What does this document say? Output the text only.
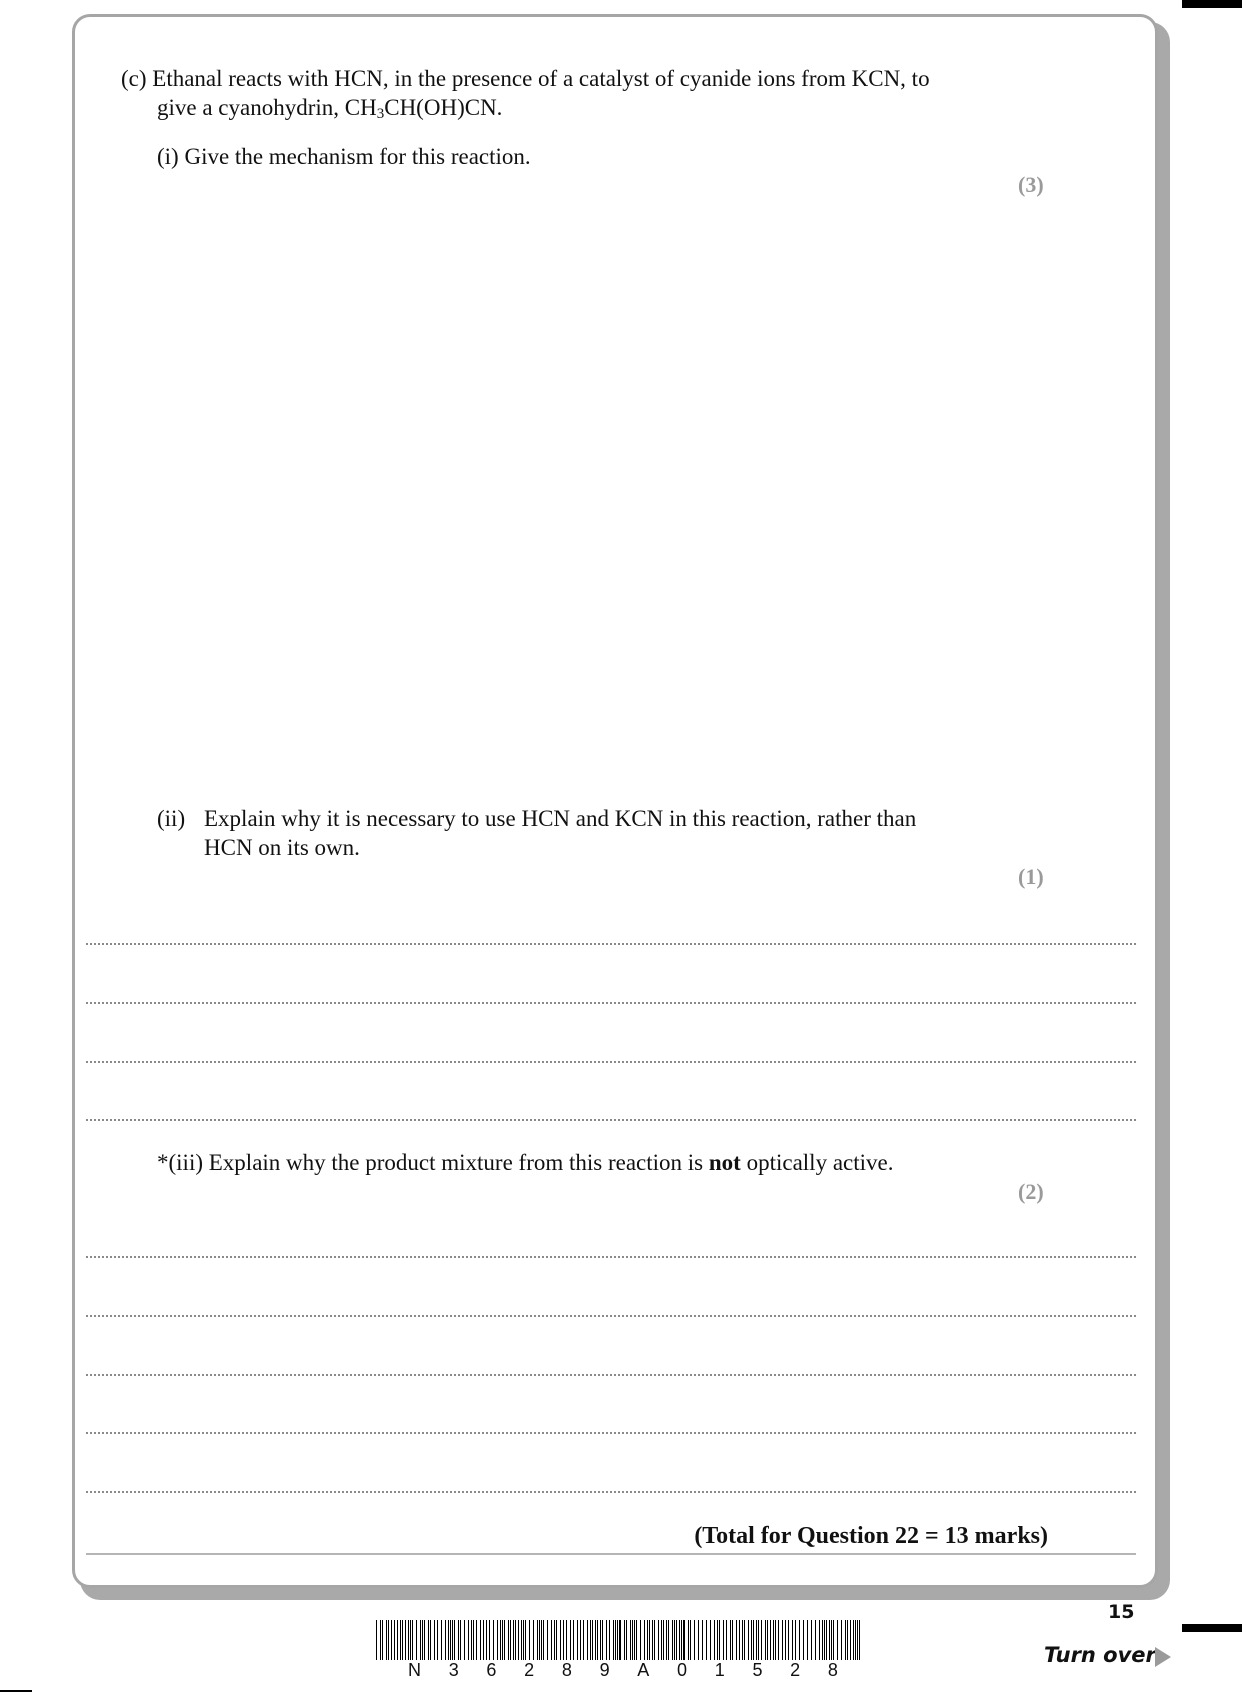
(c) Ethanal reacts with HCN, in the presence of a catalyst of cyanide ions from KCN, to
give a cyanohydrin, $CH_3CH(OH)CN$.
(i) Give the mechanism for this reaction.
(3)
(ii) Explain why it is necessary to use HCN and KCN in this reaction, rather than
HCN on its own.
(1)
*(iii) Explain why the product mixture from this reaction is not optically active.
(2)
(Total for Question 22 = 13 marks)
N 3 6 2 8 9 A 0 1 5 2 8
15
Turn over
